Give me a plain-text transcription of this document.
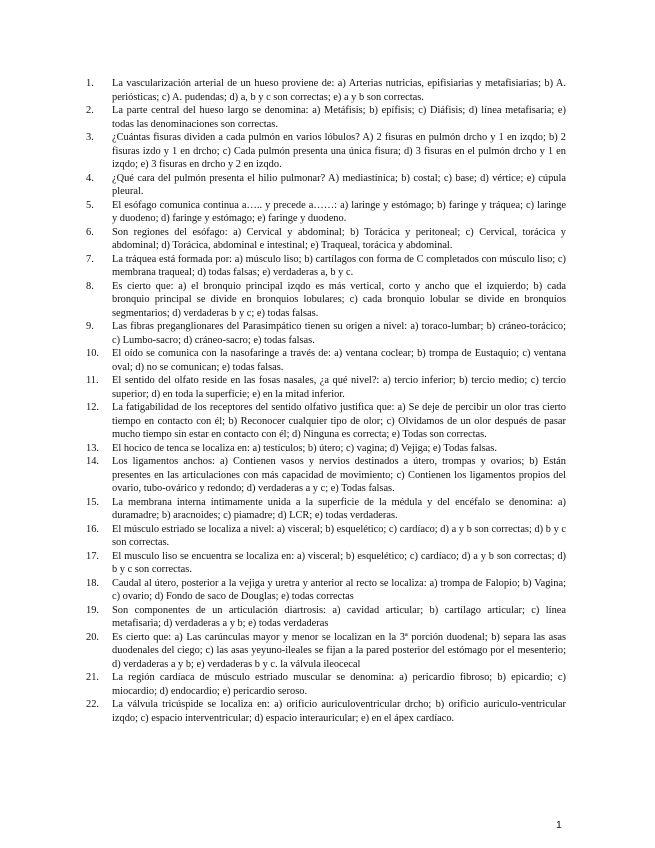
1.	La vascularización arterial de un hueso proviene de: a) Arterias nutricias, epifisiarias y metafisiarias; b) A. periósticas; c) A. pudendas; d) a, b y c son correctas; e) a y b son correctas.
2.	La parte central del hueso largo se denomina: a) Metáfisis; b) epífisis; c) Diáfisis; d) línea metafisaria; e) todas las denominaciones son correctas.
3.	¿Cuántas fisuras dividen a cada pulmón en varios lóbulos? A) 2 fisuras en pulmón drcho y 1 en izqdo; b) 2 fisuras izdo y 1 en drcho; c) Cada pulmón presenta una única fisura; d) 3 fisuras en el pulmón drcho y 1 en izqdo; e) 3 fisuras en drcho y 2 en izqdo.
4.	¿Qué cara del pulmón presenta el hilio pulmonar? A) mediastínica; b) costal; c) base; d) vértice; e) cúpula pleural.
5.	El esófago comunica continua a….. y precede a……: a) laringe y estómago; b) faringe y tráquea; c) laringe y duodeno; d) faringe y estómago; e) faringe y duodeno.
6.	Son regiones del esófago: a) Cervical y abdominal; b) Torácica y peritoneal; c) Cervical, torácica y abdominal; d) Torácica, abdominal e intestinal; e) Traqueal, torácica y abdominal.
7.	La tráquea está formada por: a) músculo liso; b) cartílagos con forma de C completados con músculo liso; c) membrana traqueal; d) todas falsas; e) verdaderas a, b y c.
8.	Es cierto que: a) el bronquio principal izqdo es más vertical, corto y ancho que el izquierdo; b) cada bronquio principal se divide en bronquios lobulares; c) cada bronquio lobular se divide en bronquios segmentarios; d) verdaderas b y c; e) todas falsas.
9.	Las fibras preganglionares del Parasimpático tienen su origen a nivel: a) toraco-lumbar; b) cráneo-torácico; c) Lumbo-sacro; d) cráneo-sacro; e) todas falsas.
10.	El oído se comunica con la nasofaringe a través de: a) ventana coclear; b) trompa de Eustaquio; c) ventana oval; d) no se comunican; e) todas falsas.
11.	El sentido del olfato reside en las fosas nasales, ¿a qué nivel?: a) tercio inferior; b) tercio medio; c) tercio superior; d) en toda la superficie; e) en la mitad inferior.
12.	La fatigabilidad de los receptores del sentido olfativo justifica que: a) Se deje de percibir un olor tras cierto tiempo en contacto con él; b) Reconocer cualquier tipo de olor; c) Olvidamos de un olor después de pasar mucho tiempo sin estar en contacto con él; d) Ninguna es correcta; e) Todas son correctas.
13.	El hocico de tenca se localiza en: a) testículos; b) útero; c) vagina; d) Vejiga; e) Todas falsas.
14.	Los ligamentos anchos: a) Contienen vasos y nervios destinados a útero, trompas y ovarios; b) Están presentes en las articulaciones con más capacidad de movimiento; c) Contienen los ligamentos propios del ovario, tubo-ovárico y redondo; d) verdaderas a y c; e) Todas falsas.
15.	La membrana interna íntimamente unida a la superficie de la médula y del encéfalo se denomina: a) duramadre; b) aracnoides; c) piamadre; d) LCR; e) todas verdaderas.
16.	El músculo estriado se localiza a nivel: a) visceral; b) esquelético; c) cardíaco; d) a y b son correctas; d) b y c son correctas.
17.	El musculo liso se encuentra se localiza en: a) visceral; b) esquelético; c) cardíaco; d) a y b son correctas; d) b y c son correctas.
18.	Caudal al útero, posterior a la vejiga y uretra y anterior al recto se localiza: a) trompa de Falopio; b) Vagina; c) ovario; d) Fondo de saco de Douglas; e) todas correctas
19.	Son componentes de un articulación diartrosis: a) cavidad articular; b) cartílago articular; c) línea metafisaria; d) verdaderas a y b; e) todas verdaderas
20.	Es cierto que: a) Las carúnculas mayor y menor se localizan en la 3ª porción duodenal; b) separa las asas duodenales del ciego; c) las asas yeyuno-ileales se fijan a la pared posterior del estómago por el mesenterio; d) verdaderas a y b; e) verdaderas b y c. la válvula ileocecal
21.	La región cardíaca de músculo estriado muscular se denomina: a) pericardio fibroso; b) epicardio; c) miocardio; d) endocardio; e) pericardio seroso.
22.	La válvula tricúspide se localiza en: a) orificio auriculoventricular drcho; b) orificio auriculo-ventricular izqdo; c) espacio interventricular; d) espacio interauricular; e) en el ápex cardíaco.
1
